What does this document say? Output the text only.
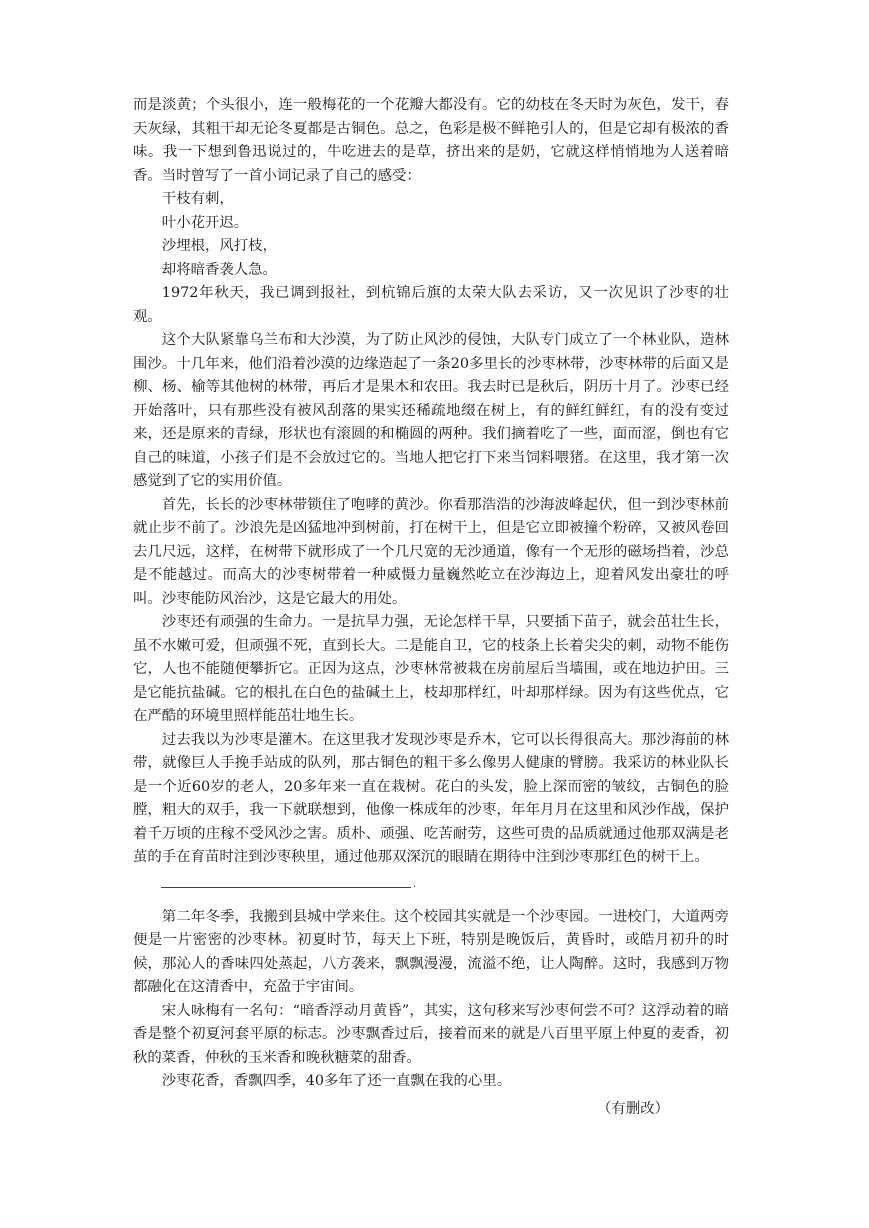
而是淡黄；个头很小，连一般梅花的一个花瓣大都没有。它的幼枝在冬天时为灰色，发干，春天灰绿，其粗干却无论冬夏都是古铜色。总之，色彩是极不鲜艳引人的，但是它却有极浓的香味。我一下想到鲁迅说过的，牛吃进去的是草，挤出来的是奶，它就这样悄悄地为人送着暗香。当时曾写了一首小词记录了自己的感受：

干枝有刺，

叶小花开迟。

沙埋根，风打枝，

却将暗香袭人急。

1972年秋天，我已调到报社，到杭锦后旗的太荣大队去采访，又一次见识了沙枣的壮观。

这个大队紧靠乌兰布和大沙漠，为了防止风沙的侵蚀，大队专门成立了一个林业队，造林围沙。十几年来，他们沿着沙漠的边缘造起了一条20多里长的沙枣林带，沙枣林带的后面又是柳、杨、榆等其他树的林带，再后才是果木和农田。我去时已是秋后，阴历十月了。沙枣已经开始落叶，只有那些没有被风刮落的果实还稀疏地缀在树上，有的鲜红鲜红，有的没有变过来，还是原来的青绿，形状也有滚圆的和椭圆的两种。我们摘着吃了一些，面而涩，倒也有它自己的味道，小孩子们是不会放过它的。当地人把它打下来当饲料喂猪。在这里，我才第一次感觉到了它的实用价值。

首先，长长的沙枣林带锁住了咆哮的黄沙。你看那浩浩的沙海波峰起伏，但一到沙枣林前就止步不前了。沙浪先是凶猛地冲到树前，打在树干上，但是它立即被撞个粉碎，又被风卷回去几尺远，这样，在树带下就形成了一个几尺宽的无沙通道，像有一个无形的磁场挡着，沙总是不能越过。而高大的沙枣树带着一种威慑力量巍然屹立在沙海边上，迎着风发出豪壮的呼叫。沙枣能防风治沙，这是它最大的用处。

沙枣还有顽强的生命力。一是抗旱力强，无论怎样干旱，只要插下苗子，就会茁壮生长，虽不水嫩可爱，但顽强不死，直到长大。二是能自卫，它的枝条上长着尖尖的刺，动物不能伤它，人也不能随便攀折它。正因为这点，沙枣林常被栽在房前屋后当墙围，或在地边护田。三是它能抗盐碱。它的根扎在白色的盐碱土上，枝却那样红，叶却那样绿。因为有这些优点，它在严酷的环境里照样能茁壮地生长。

过去我以为沙枣是灌木。在这里我才发现沙枣是乔木，它可以长得很高大。那沙海前的林带，就像巨人手挽手站成的队列，那古铜色的粗干多么像男人健康的臂膀。我采访的林业队长是一个近60岁的老人，20多年来一直在栽树。花白的头发，脸上深而密的皱纹，古铜色的脸膛，粗大的双手，我一下就联想到，他像一株成年的沙枣，年年月月在这里和风沙作战，保护着千万顷的庄稼不受风沙之害。质朴、顽强、吃苦耐劳，这些可贵的品质就通过他那双满是老茧的手在育苗时注到沙枣秧里，通过他那双深沉的眼睛在期待中注到沙枣那红色的树干上。

.

第二年冬季，我搬到县城中学来住。这个校园其实就是一个沙枣园。一进校门，大道两旁便是一片密密的沙枣林。初夏时节，每天上下班，特别是晚饭后，黄昏时，或皓月初升的时候，那沁人的香味四处蒸起，八方袭来，飘飘漫漫，流溢不绝，让人陶醉。这时，我感到万物都融化在这清香中，充盈于宇宙间。

宋人咏梅有一名句：“暗香浮动月黄昏”，其实，这句移来写沙枣何尝不可？这浮动着的暗香是整个初夏河套平原的标志。沙枣飘香过后，接着而来的就是八百里平原上仲夏的麦香，初秋的菜香，仲秋的玉米香和晚秋糖菜的甜香。

沙枣花香，香飘四季，40多年了还一直飘在我的心里。

（有删改）
